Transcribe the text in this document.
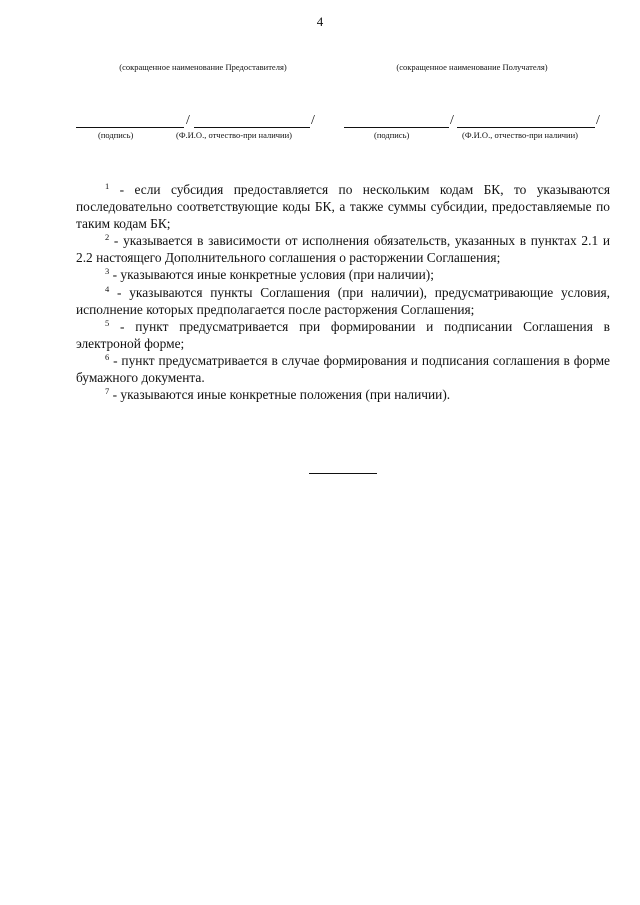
4
(сокращенное наименование Предоставителя)	(сокращенное наименование Получателя)
/	/
(подпись)	(Ф.И.О., отчество-при наличии)
/	/
(подпись)	(Ф.И.О., отчество-при наличии)

$^1$ - если субсидия предоставляется по нескольким кодам БК, то указываются последовательно соответствующие коды БК, а также суммы субсидии, предоставляемые по таким кодам БК;

$^2$ - указывается в зависимости от исполнения обязательств, указанных в пунктах 2.1 и 2.2 настоящего Дополнительного соглашения о расторжении Соглашения;

$^3$ - указываются иные конкретные условия (при наличии);

$^4$ - указываются пункты Соглашения (при наличии), предусматривающие условия, исполнение которых предполагается после расторжения Соглашения;

$^5$ - пункт предусматривается при формировании и подписании Соглашения в электроной форме;

$^6$ - пункт предусматривается в случае формирования и подписания соглашения в форме бумажного документа.

$^7$ - указываются иные конкретные положения (при наличии).
